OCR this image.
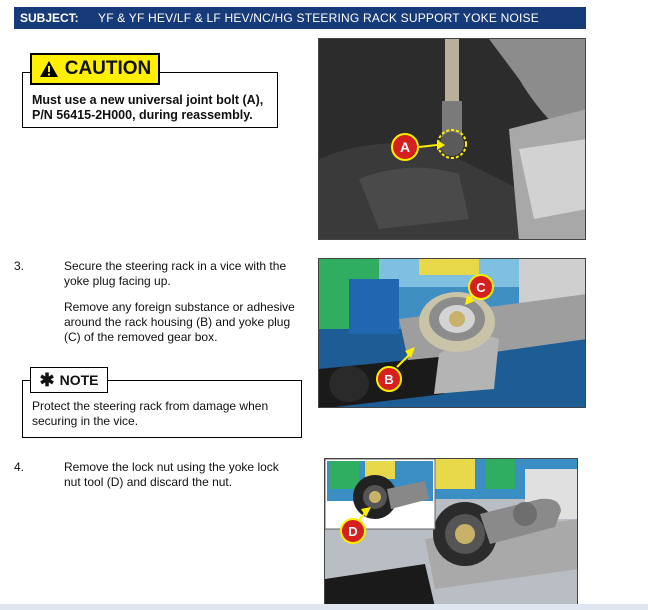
SUBJECT:	YF & YF HEV/LF & LF HEV/NC/HG STEERING RACK SUPPORT YOKE NOISE
CAUTION
Must use a new universal joint bolt (A),
P/N 56415-2H000, during reassembly.
A
3.	Secure the steering rack in a vice with the
yoke plug facing up.
Remove any foreign substance or adhesive
around the rack housing (B) and yoke plug
(C) of the removed gear box.
C
B
✱ NOTE
Protect the steering rack from damage when
securing in the vice.
4.	Remove the lock nut using the yoke lock
nut tool (D) and discard the nut.
D
